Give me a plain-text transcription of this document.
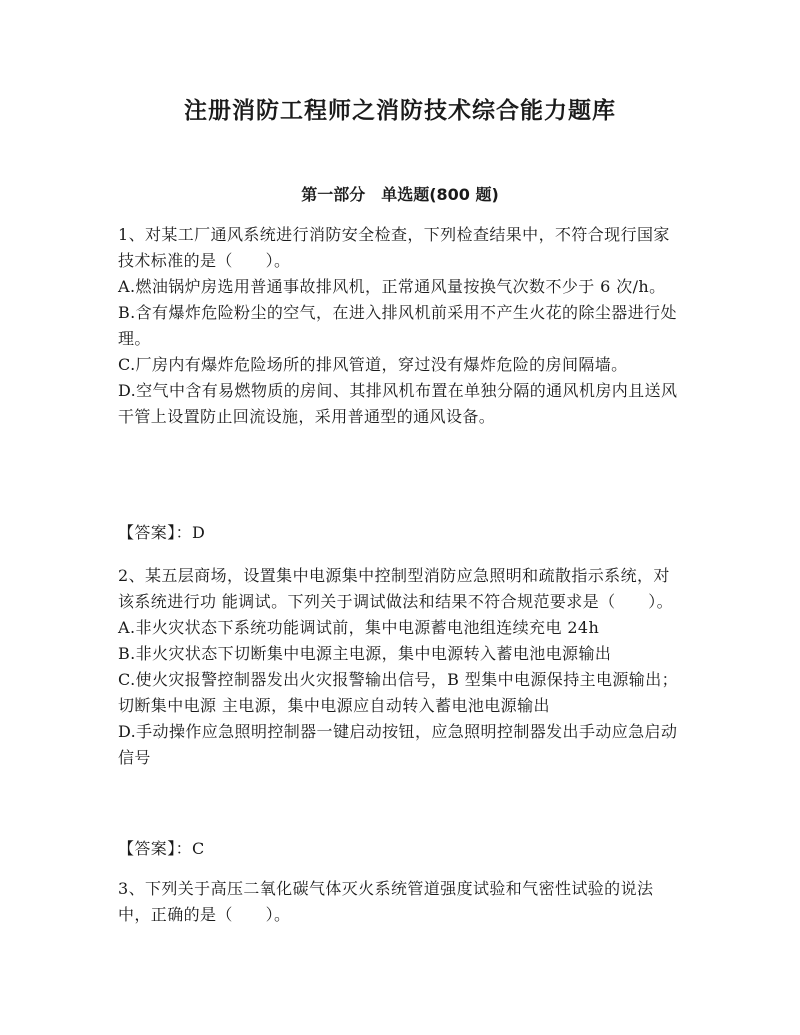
注册消防工程师之消防技术综合能力题库
第一部分　单选题(800 题)

1、对某工厂通风系统进行消防安全检查，下列检查结果中，不符合现行国家技术标准的是（　　）。

A.燃油锅炉房选用普通事故排风机，正常通风量按换气次数不少于 6 次/h。

B.含有爆炸危险粉尘的空气，在进入排风机前采用不产生火花的除尘器进行处理。

C.厂房内有爆炸危险场所的排风管道，穿过没有爆炸危险的房间隔墙。

D.空气中含有易燃物质的房间、其排风机布置在单独分隔的通风机房内且送风干管上设置防止回流设施，采用普通型的通风设备。

【答案】：D

2、某五层商场，设置集中电源集中控制型消防应急照明和疏散指示系统，对该系统进行功 能调试。下列关于调试做法和结果不符合规范要求是（　　）。

A.非火灾状态下系统功能调试前，集中电源蓄电池组连续充电 24h

B.非火灾状态下切断集中电源主电源，集中电源转入蓄电池电源输出

C.使火灾报警控制器发出火灾报警输出信号，B 型集中电源保持主电源输出；切断集中电源 主电源，集中电源应自动转入蓄电池电源输出

D.手动操作应急照明控制器一键启动按钮，应急照明控制器发出手动应急启动信号

【答案】：C

3、下列关于高压二氧化碳气体灭火系统管道强度试验和气密性试验的说法中，正确的是（　　）。
